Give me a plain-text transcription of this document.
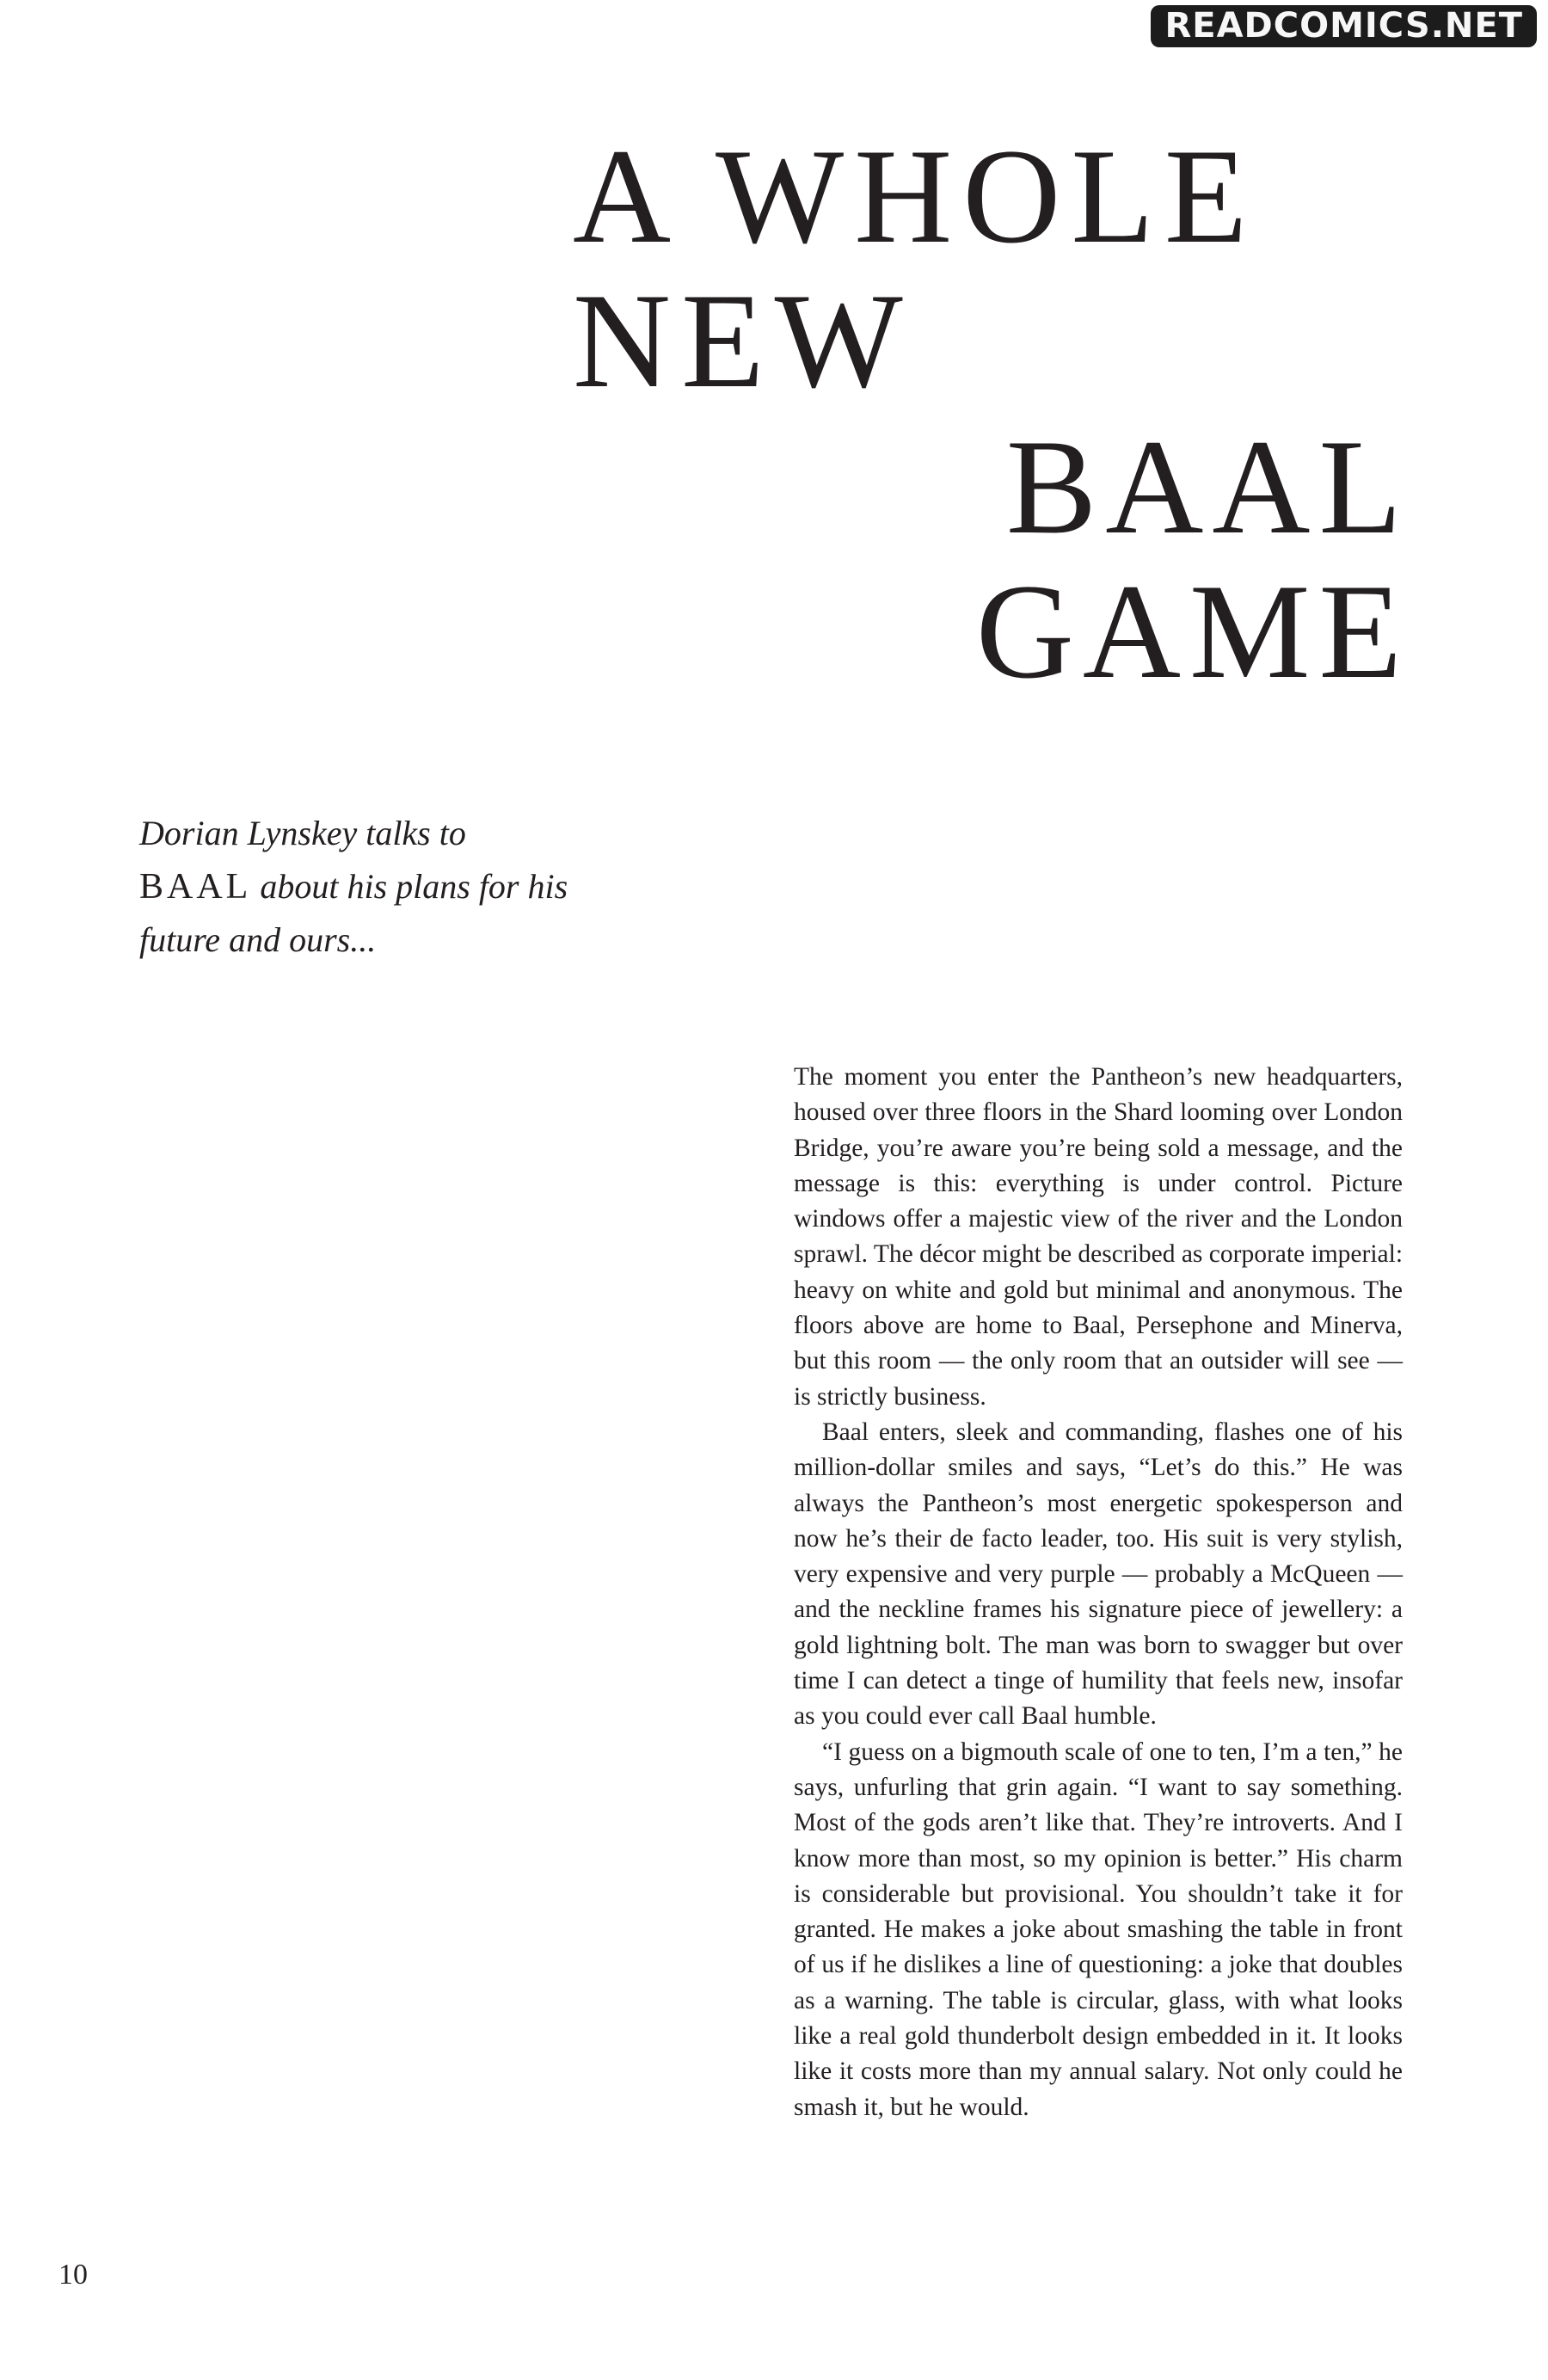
READCOMICS.NET
A WHOLE
NEW
BAAL
GAME
Dorian Lynskey talks to
BAAL about his plans for his future and ours...

The moment you enter the Pantheon’s new headquarters, housed over three floors in the Shard looming over London Bridge, you’re aware you’re being sold a message, and the message is this: everything is under control. Picture windows offer a majestic view of the river and the London sprawl. The décor might be described as corporate imperial: heavy on white and gold but minimal and anonymous. The floors above are home to Baal, Persephone and Minerva, but this room — the only room that an outsider will see — is strictly business.

Baal enters, sleek and commanding, flashes one of his million-dollar smiles and says, “Let’s do this.” He was always the Pantheon’s most energetic spokesperson and now he’s their de facto leader, too. His suit is very stylish, very expensive and very purple — probably a McQueen — and the neckline frames his signature piece of jewellery: a gold lightning bolt. The man was born to swagger but over time I can detect a tinge of humility that feels new, insofar as you could ever call Baal humble.

“I guess on a bigmouth scale of one to ten, I’m a ten,” he says, unfurling that grin again. “I want to say something. Most of the gods aren’t like that. They’re introverts. And I know more than most, so my opinion is better.” His charm is considerable but provisional. You shouldn’t take it for granted. He makes a joke about smashing the table in front of us if he dislikes a line of questioning: a joke that doubles as a warning. The table is circular, glass, with what looks like a real gold thunderbolt design embedded in it. It looks like it costs more than my annual salary. Not only could he smash it, but he would.

10
